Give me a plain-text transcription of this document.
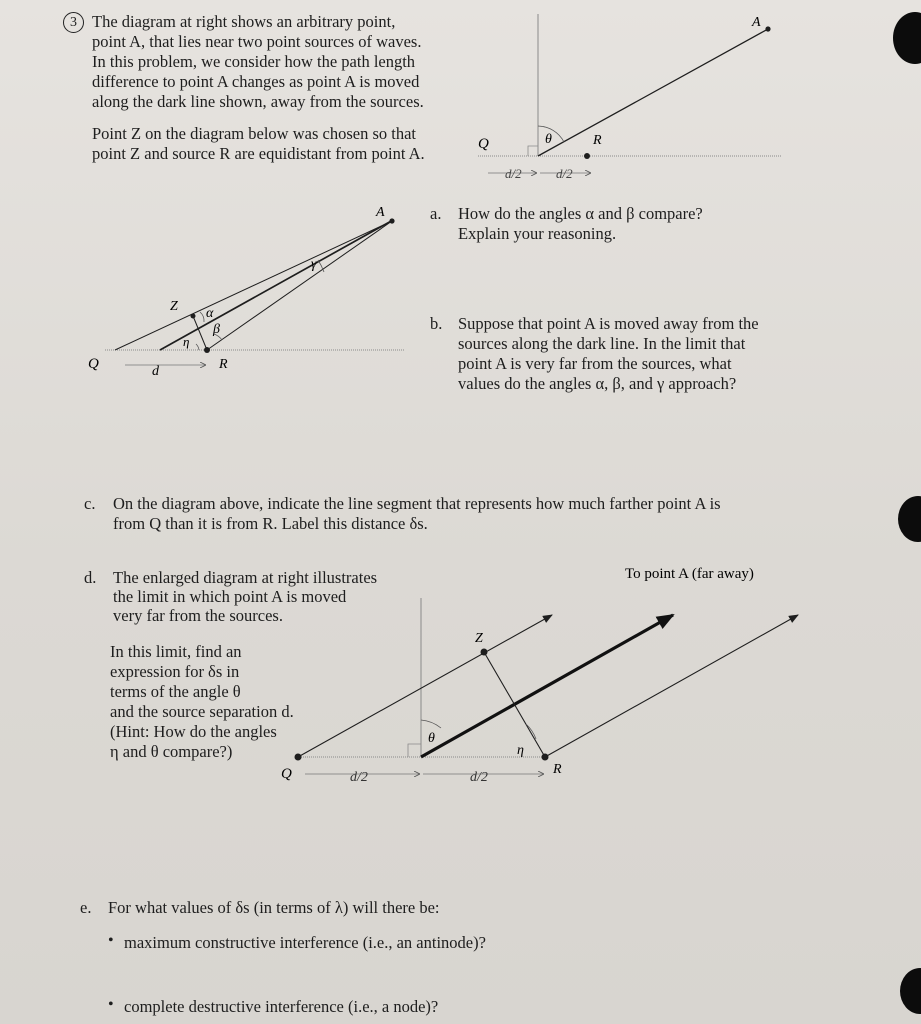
3 The diagram at right shows an arbitrary point,
point A, that lies near two point sources of waves.
In this problem, we consider how the path length
difference to point A changes as point A is moved
along the dark line shown, away from the sources.
Point Z on the diagram below was chosen so that
point Z and source R are equidistant from point A.
a. How do the angles α and β compare?
Explain your reasoning.
b. Suppose that point A is moved away from the
sources along the dark line. In the limit that
point A is very far from the sources, what
values do the angles α, β, and γ approach?
c. On the diagram above, indicate the line segment that represents how much farther point A is
from Q than it is from R. Label this distance δs.
d. The enlarged diagram at right illustrates
the limit in which point A is moved
very far from the sources.
In this limit, find an
expression for δs in
terms of the angle θ
and the source separation d.
(Hint: How do the angles
η and θ compare?)
e. For what values of δs (in terms of λ) will there be:
• maximum constructive interference (i.e., an antinode)?
• complete destructive interference (i.e., a node)?
A
Q	R
θ
d/2	d/2
A
Z
Q	R
α
β
γ
η
d
To point A (far away)
Z
Q	R
θ
η
d/2	d/2
